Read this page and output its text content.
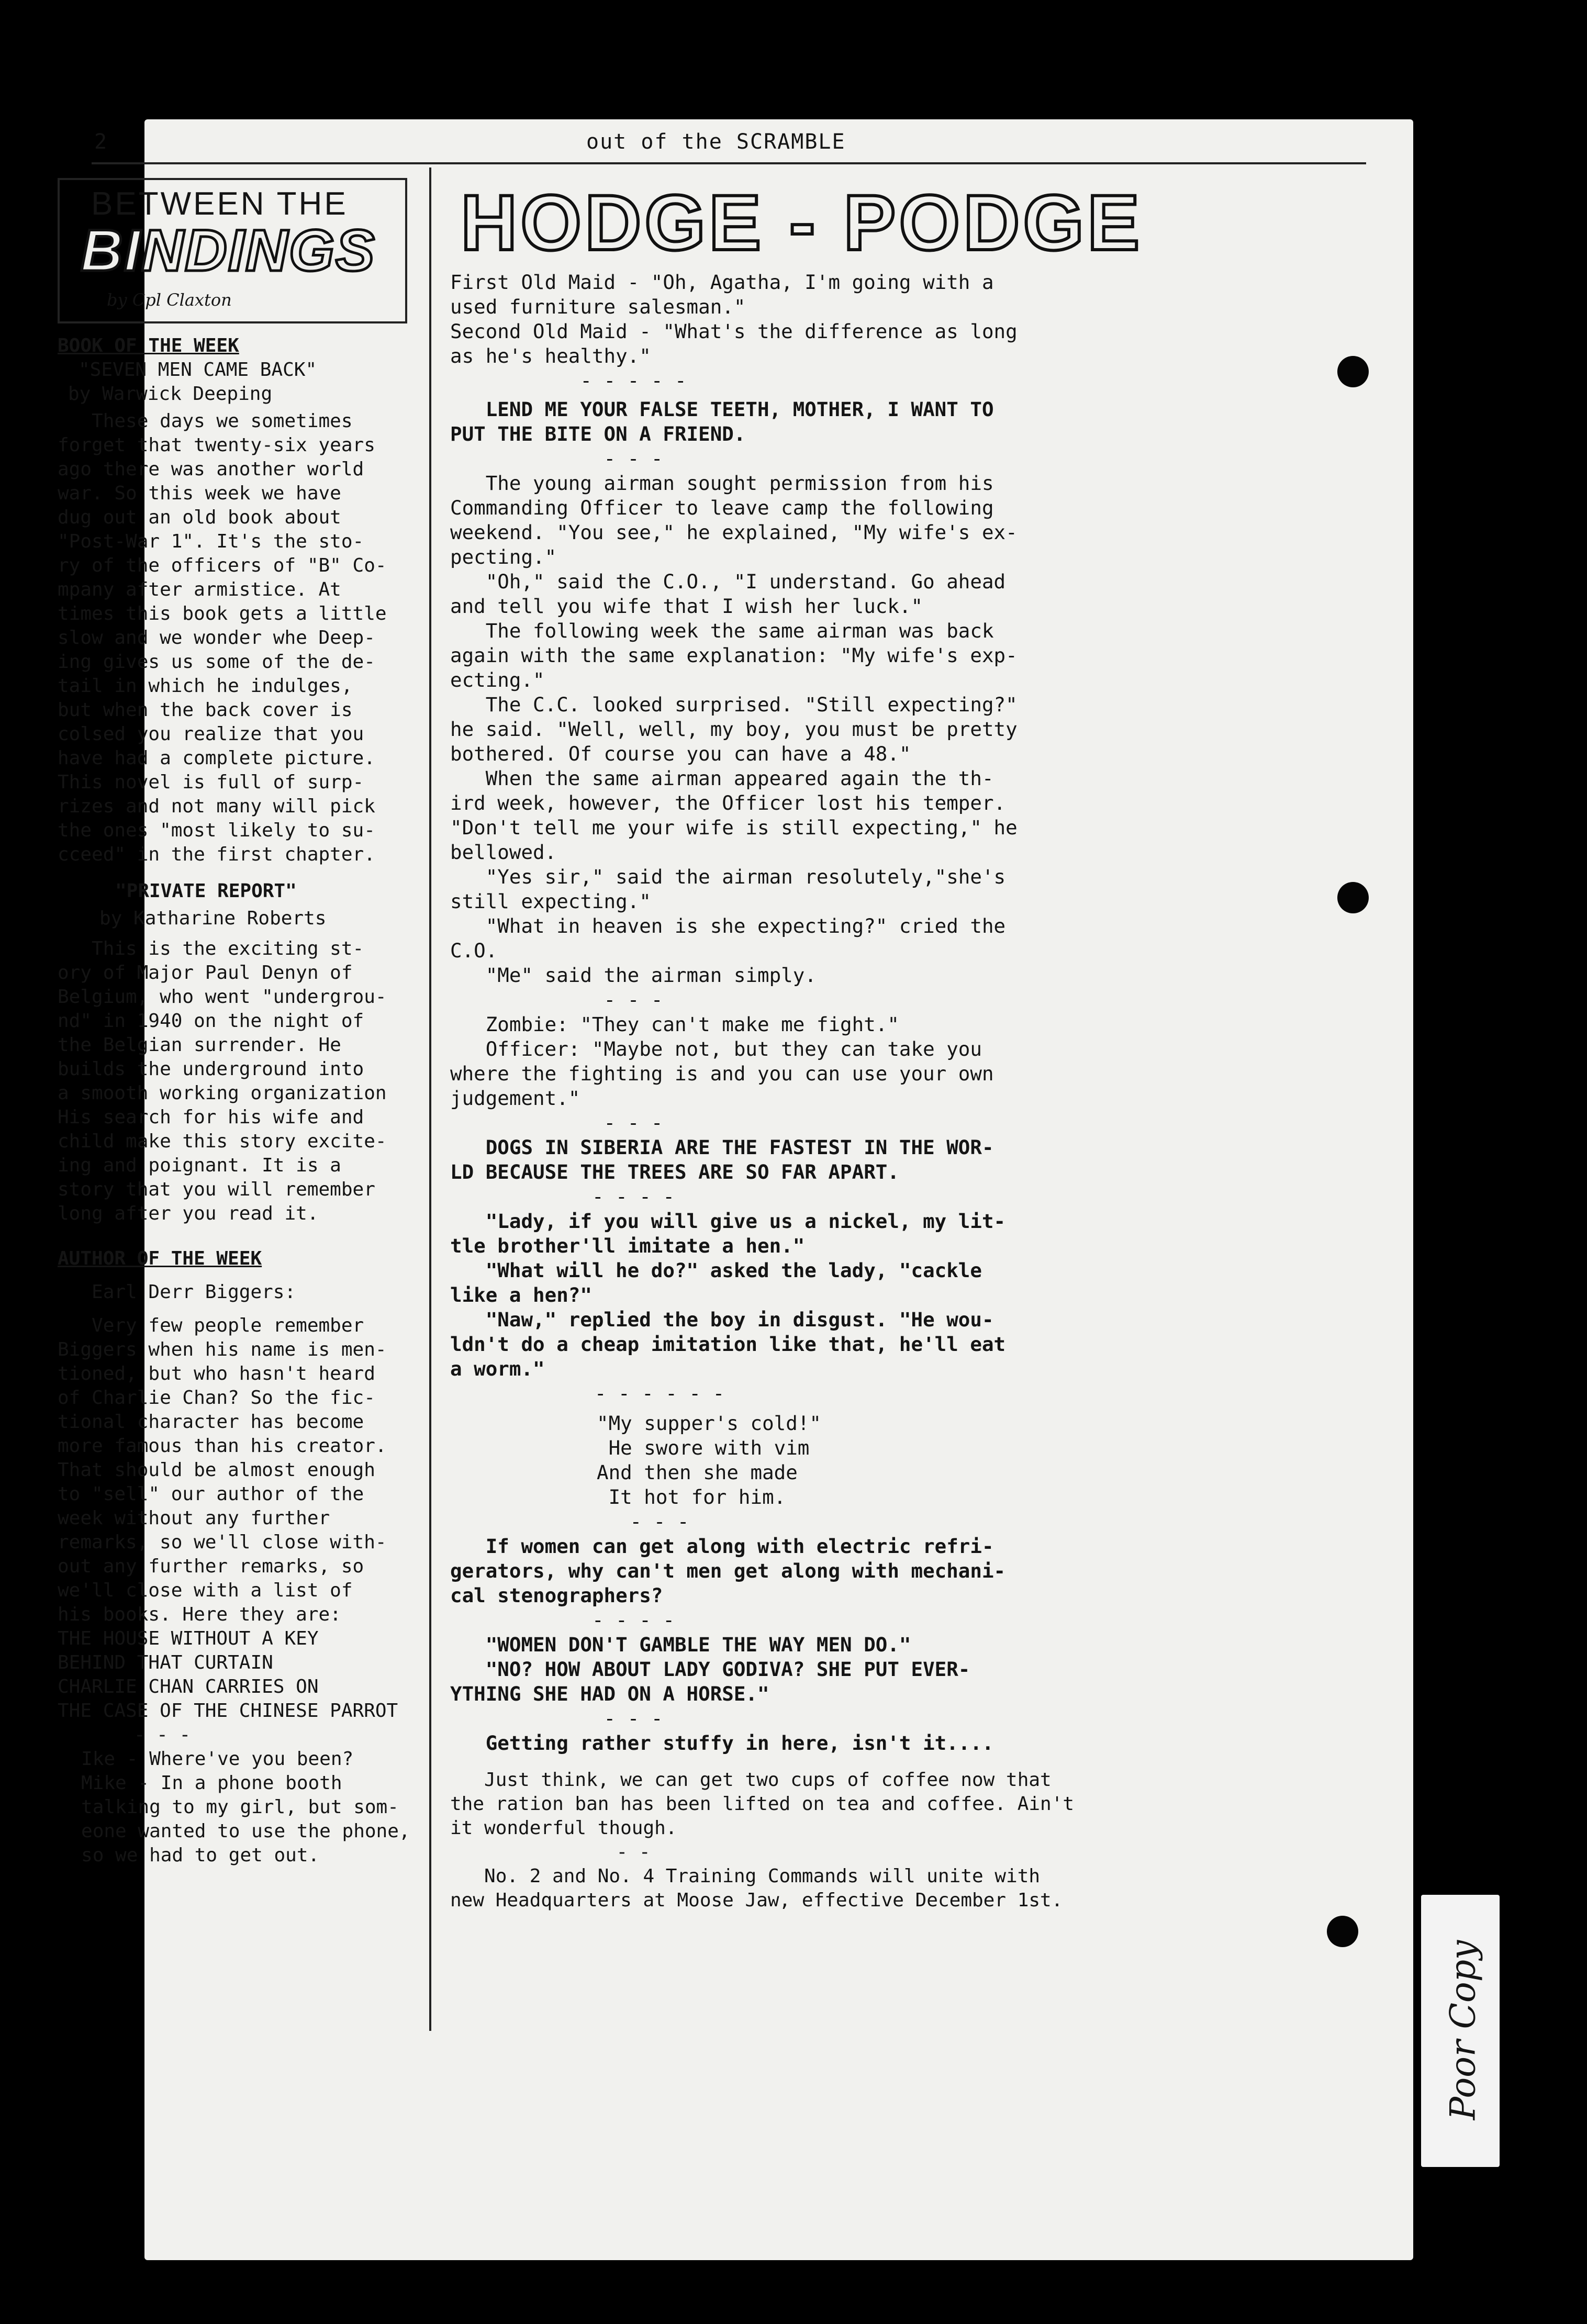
2	out of the SCRAMBLE
BETWEEN THE
BINDINGS
by Cpl Claxton

BOOK OF THE WEEK

"SEVEN MEN CAME BACK"

by Warwick Deeping

These days we sometimes
forget that twenty-six years
ago there was another world
war. So this week we have
dug out an old book about
"Post-War 1". It's the sto-
ry of the officers of "B" Co-
mpany after armistice. At
times this book gets a little
slow and we wonder whe Deep-
ing gives us some of the de-
tail in which he indulges,
but when the back cover is
colsed you realize that you
have had a complete picture.
This novel is full of surp-
rizes and not many will pick
the ones "most likely to su-
ccеed" in the first chapter.

"PRIVATE REPORT"

by Katharine Roberts

This is the exciting st-
ory of Major Paul Denyn of
Belgium, who went "undergrou-
nd" in 1940 on the night of
the Belgian surrender. He
builds the underground into
a smooth working organization
His search for his wife and
child make this story excite-
ing and poignant. It is a
story that you will remember
long after you read it.

AUTHOR OF THE WEEK

Earl Derr Biggers:

Very few people remember
Biggers when his name is men-
tioned, but who hasn't heard
of Charlie Chan? So the fic-
tional character has become
more famous than his creator.
That should be almost enough
to "sell" our author of the
week without any further
remarks, so we'll close with-
out any further remarks, so
we'll close with a list of
his books. Here they are:

THE HOUSE WITHOUT A KEY
BEHIND THAT CURTAIN
CHARLIE CHAN CARRIES ON
THE CASE OF THE CHINESE PARROT

- - -

Ike - Where've you been?
Mike - In a phone booth
talking to my girl, but som-
eone wanted to use the phone,
so we had to get out.

HODGE - PODGE

First Old Maid - "Oh, Agatha, I'm going with a
used furniture salesman."
Second Old Maid - "What's the difference as long
as he's healthy."

- - - - -

LEND ME YOUR FALSE TEETH, MOTHER, I WANT TO
PUT THE BITE ON A FRIEND.

- - -

The young airman sought permission from his
Commanding Officer to leave camp the following
weekend. "You see," he explained, "My wife's ex-
pecting."
"Oh," said the C.O., "I understand. Go ahead
and tell you wife that I wish her luck."
The following week the same airman was back
again with the same explanation: "My wife's exp-
ecting."
The C.C. looked surprised. "Still expecting?"
he said. "Well, well, my boy, you must be pretty
bothered. Of course you can have a 48."
When the same airman appeared again the th-
ird week, however, the Officer lost his temper.
"Don't tell me your wife is still expecting," he
bellowed.
"Yes sir," said the airman resolutely,"she's
still expecting."
"What in heaven is she expecting?" cried the
C.O.
"Me" said the airman simply.

- - -

Zombie: "They can't make me fight."
Officer: "Maybe not, but they can take you
where the fighting is and you can use your own
judgement."

- - -

DOGS IN SIBERIA ARE THE FASTEST IN THE WOR-
LD BECAUSE THE TREES ARE SO FAR APART.

- - - -

"Lady, if you will give us a nickel, my lit-
tle brother'll imitate a hen."
"What will he do?" asked the lady, "cackle
like a hen?"
"Naw," replied the boy in disgust. "He wou-
ldn't do a cheap imitation like that, he'll eat
a worm."

- - - - - -

"My supper's cold!"
He swore with vim
And then she made
It hot for him.

- - -

If women can get along with electric refri-
gerators, why can't men get along with mechani-
cal stenographers?

- - - -

"WOMEN DON'T GAMBLE THE WAY MEN DO."
"NO? HOW ABOUT LADY GODIVA? SHE PUT EVER-
YTHING SHE HAD ON A HORSE."

- - -

Getting rather stuffy in here, isn't it....

Just think, we can get two cups of coffee now that
the ration ban has been lifted on tea and coffee. Ain't
it wonderful though.

- -

No. 2 and No. 4 Training Commands will unite with
new Headquarters at Moose Jaw, effective December 1st.

Poor Copy
